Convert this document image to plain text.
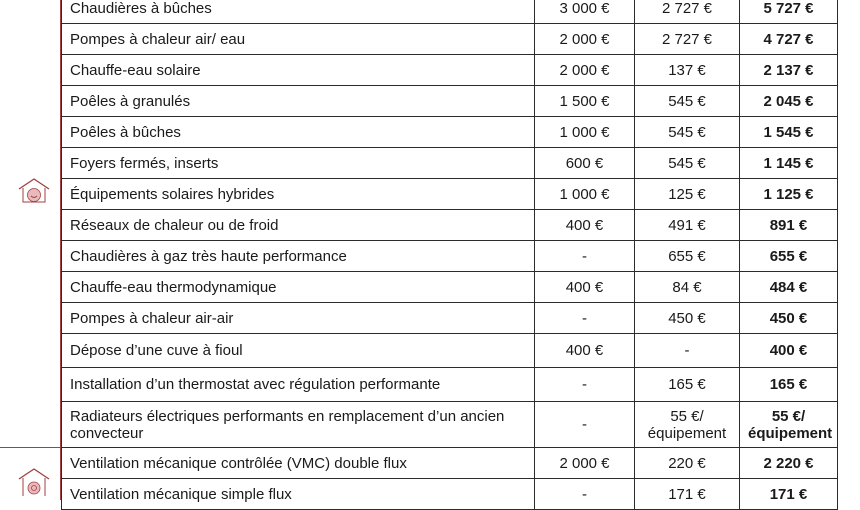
Chaudières à bûches	3 000 €	2 727 €	5 727 €
Pompes à chaleur air/ eau	2 000 €	2 727 €	4 727 €
Chauffe-eau solaire	2 000 €	137 €	2 137 €
Poêles à granulés	1 500 €	545 €	2 045 €
Poêles à bûches	1 000 €	545 €	1 545 €
Foyers fermés, inserts	600 €	545 €	1 145 €
Équipements solaires hybrides	1 000 €	125 €	1 125 €
Réseaux de chaleur ou de froid	400 €	491 €	891 €
Chaudières à gaz très haute performance	-	655 €	655 €
Chauffe-eau thermodynamique	400 €	84 €	484 €
Pompes à chaleur air-air	-	450 €	450 €
Dépose d’une cuve à fioul	400 €	-	400 €
Installation d’un thermostat avec régulation performante	-	165 €	165 €
Radiateurs électriques performants en remplacement d’un ancien convecteur	-	55 €/ équipement	55 €/ équipement
Ventilation mécanique contrôlée (VMC) double flux	2 000 €	220 €	2 220 €
Ventilation mécanique simple flux	-	171 €	171 €
